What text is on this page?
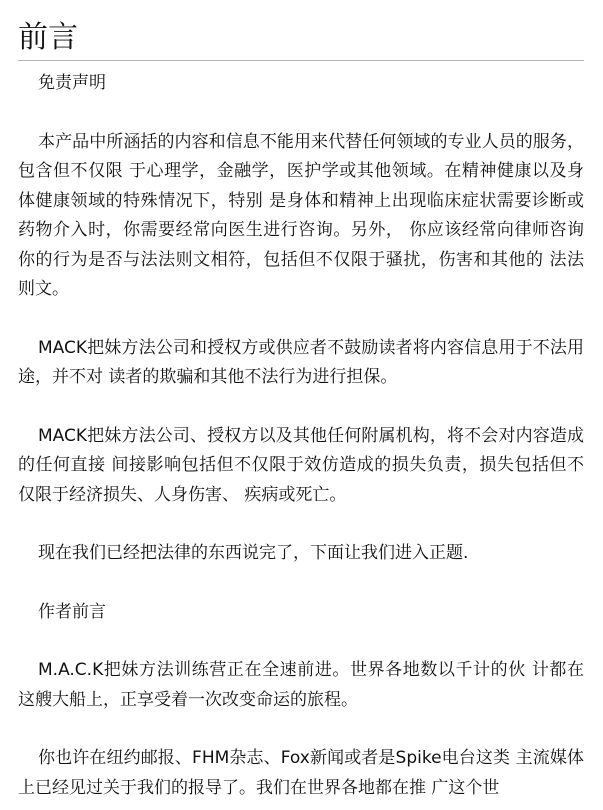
前言

免责声明

本产品中所涵括的内容和信息不能用来代替任何领域的专业人员的服务，包含但不仅限 于心理学，金融学，医护学或其他领域。在精神健康以及身体健康领域的特殊情况下，特别 是身体和精神上出现临床症状需要诊断或药物介入时，你需要经常向医生进行咨询。另外， 你应该经常向律师咨询你的行为是否与法法则文相符，包括但不仅限于骚扰，伤害和其他的 法法则文。

MACK把妹方法公司和授权方或供应者不鼓励读者将内容信息用于不法用途，并不对 读者的欺骗和其他不法行为进行担保。

MACK把妹方法公司、授权方以及其他任何附属机构，将不会对内容造成的任何直接 间接影响包括但不仅限于效仿造成的损失负责，损失包括但不仅限于经济损失、人身伤害、 疾病或死亡。

现在我们已经把法律的东西说完了，下面让我们进入正题.

作者前言

M.A.C.K把妹方法训练营正在全速前进。世界各地数以千计的伙 计都在这艘大船上，正享受着一次改变命运的旅程。

你也许在纽约邮报、FHM杂志、Fox新闻或者是Spike电台这类 主流媒体上已经见过关于我们的报导了。我们在世界各地都在推 广这个世
